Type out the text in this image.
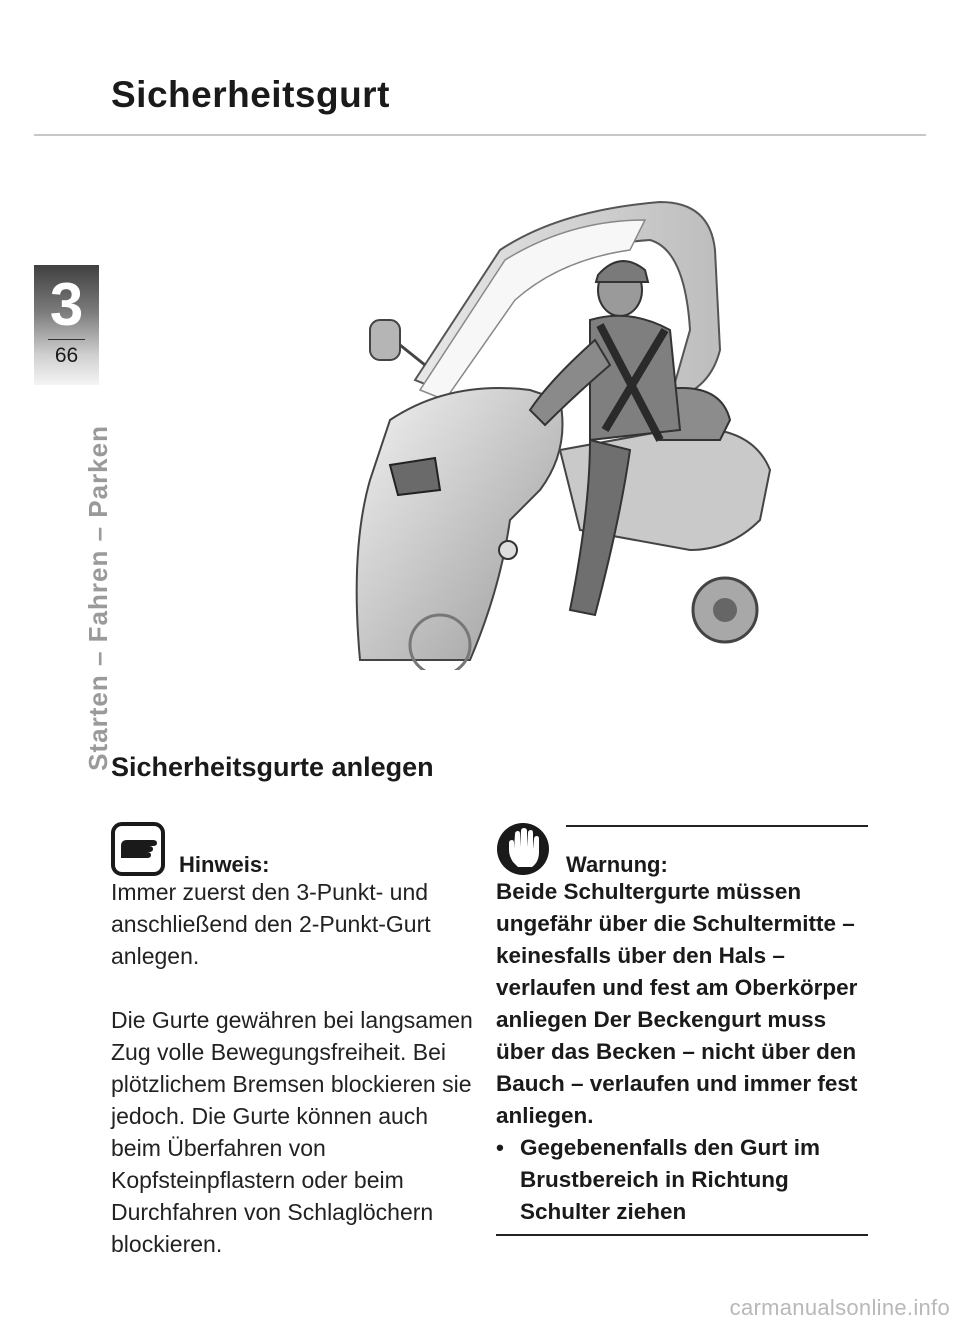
Sicherheitsgurt
3
66
Starten – Fahren – Parken
Sicherheitsgurte anlegen
Hinweis:

Immer zuerst den 3-Punkt- und anschließend den 2-Punkt-Gurt anlegen.

Die Gurte gewähren bei langsamen Zug volle Bewegungsfreiheit. Bei plötzlichem Bremsen blockieren sie jedoch. Die Gurte können auch beim Überfahren von Kopfsteinpflastern oder beim Durchfahren von Schlaglöchern blockieren.

Warnung:

Beide Schultergurte müssen ungefähr über die Schultermitte – keinesfalls über den Hals – verlaufen und fest am Oberkörper anliegen Der Beckengurt muss über das Becken – nicht über den Bauch – verlaufen und immer fest anliegen.

• Gegebenenfalls den Gurt im Brustbereich in Richtung Schulter ziehen
carmanualsonline.info
